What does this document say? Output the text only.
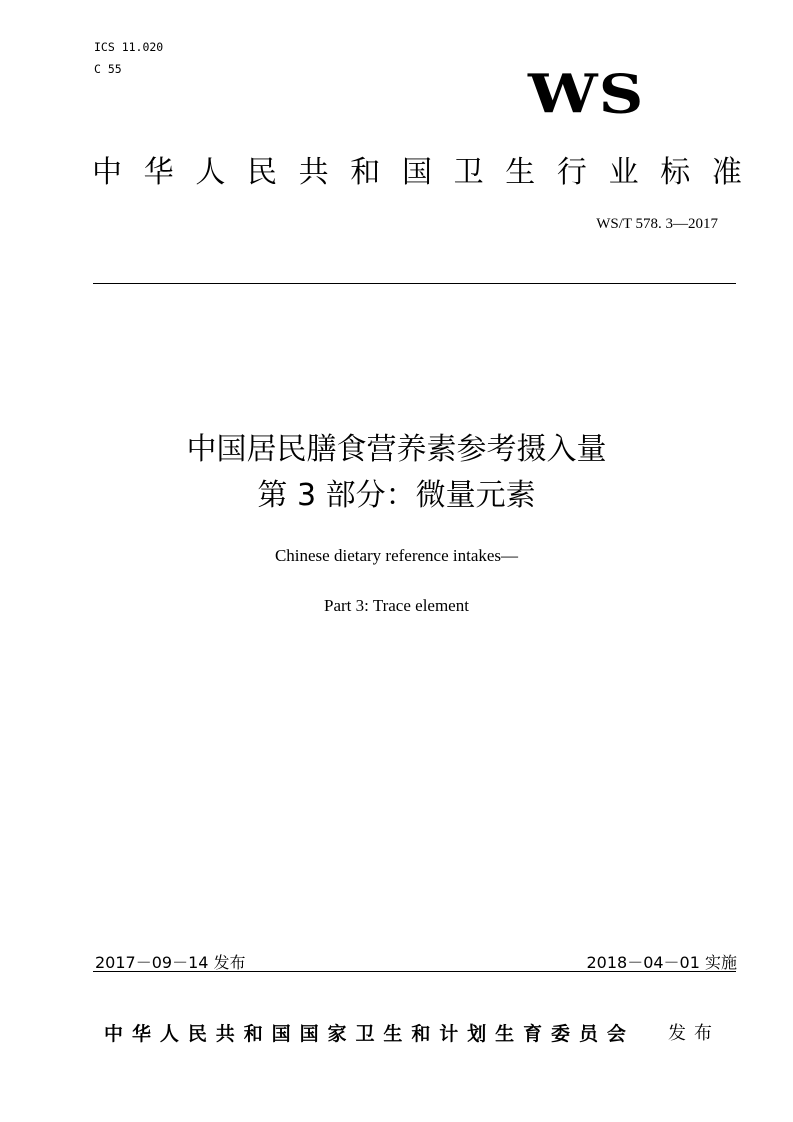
ICS 11.020
C 55	WS
中 华 人 民 共 和 国 卫 生 行 业 标 准
WS/T 578. 3—2017
中国居民膳食营养素参考摄入量
第 3 部分：微量元素
Chinese dietary reference intakes—
Part 3: Trace element
2017－09－14 发布	2018－04－01 实施
中 华 人 民 共 和 国 国 家 卫 生 和 计 划 生 育 委 员 会 发布
